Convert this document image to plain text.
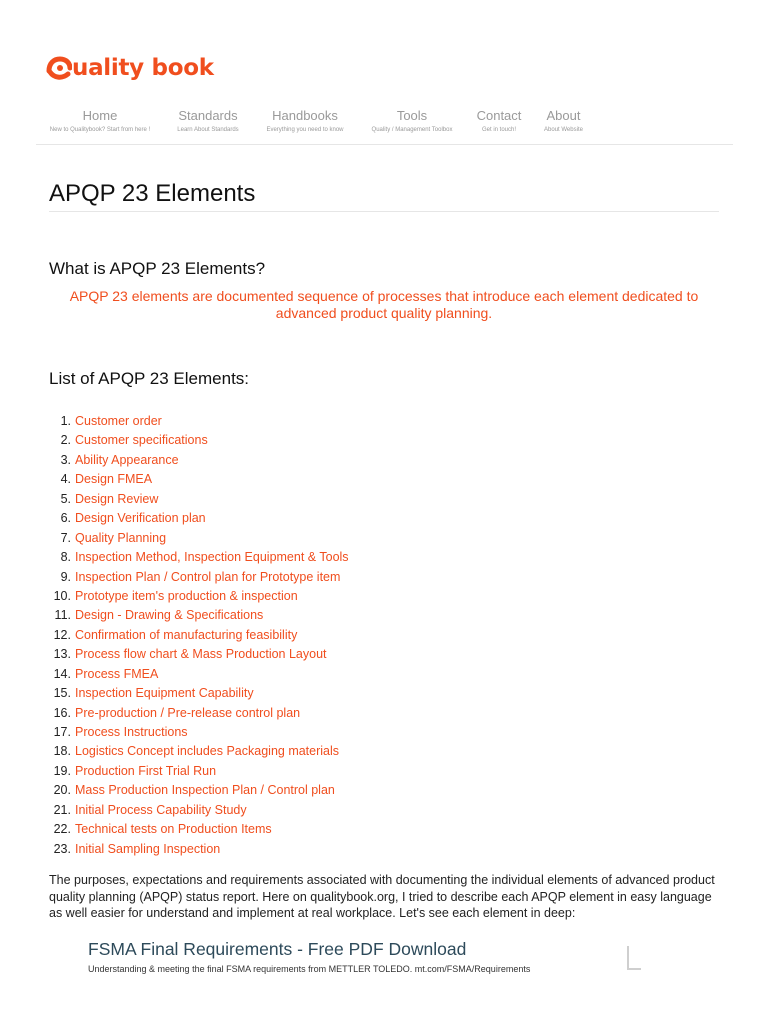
uality book
Home
New to Qualitybook? Start from here !
Standards
Learn About Standards
Handbooks
Everything you need to know
Tools
Quality / Management Toolbox
Contact
Get in touch!
About
About Website
APQP 23 Elements
What is APQP 23 Elements?

APQP 23 elements are documented sequence of processes that introduce each element dedicated to advanced product quality planning.

List of APQP 23 Elements:
1. Customer order
2. Customer specifications
3. Ability Appearance
4. Design FMEA
5. Design Review
6. Design Verification plan
7. Quality Planning
8. Inspection Method, Inspection Equipment & Tools
9. Inspection Plan / Control plan for Prototype item
10. Prototype item's production & inspection
11. Design - Drawing & Specifications
12. Confirmation of manufacturing feasibility
13. Process flow chart & Mass Production Layout
14. Process FMEA
15. Inspection Equipment Capability
16. Pre-production / Pre-release control plan
17. Process Instructions
18. Logistics Concept includes Packaging materials
19. Production First Trial Run
20. Mass Production Inspection Plan / Control plan
21. Initial Process Capability Study
22. Technical tests on Production Items
23. Initial Sampling Inspection

The purposes, expectations and requirements associated with documenting the individual elements of advanced product quality planning (APQP) status report. Here on qualitybook.org, I tried to describe each APQP element in easy language as well easier for understand and implement at real workplace. Let's see each element in deep:

FSMA Final Requirements - Free PDF Download
Understanding & meeting the final FSMA requirements from METTLER TOLEDO. mt.com/FSMA/Requirements
